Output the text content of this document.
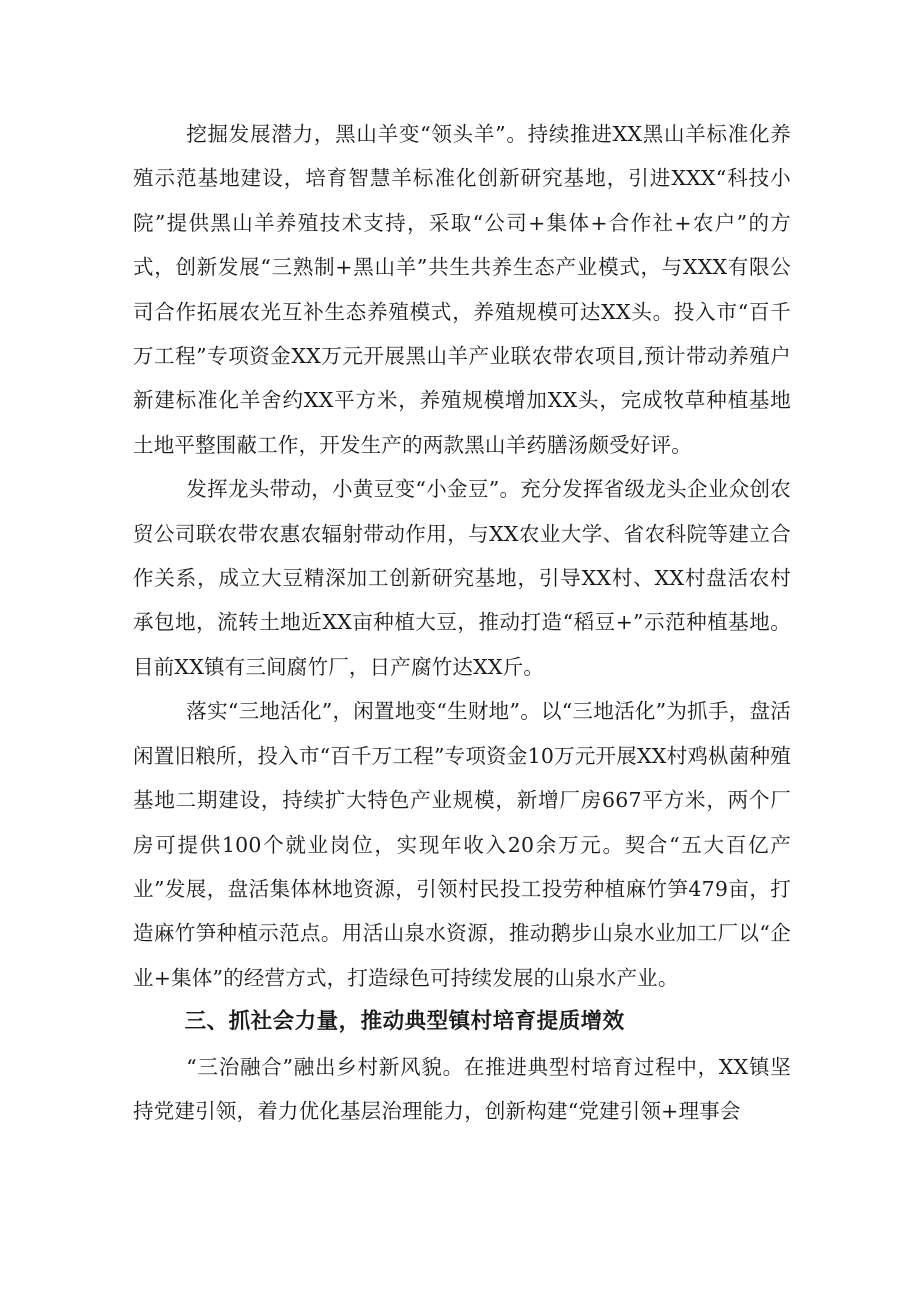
挖掘发展潜力，黑山羊变“领头羊”。持续推进XX黑山羊标准化养殖示范基地建设，培育智慧羊标准化创新研究基地，引进XXX“科技小院”提供黑山羊养殖技术支持，采取“公司+集体+合作社+农户”的方式，创新发展“三熟制+黑山羊”共生共养生态产业模式，与XXX有限公司合作拓展农光互补生态养殖模式，养殖规模可达XX头。投入市“百千万工程”专项资金XX万元开展黑山羊产业联农带农项目,预计带动养殖户新建标准化羊舍约XX平方米，养殖规模增加XX头，完成牧草种植基地土地平整围蔽工作，开发生产的两款黑山羊药膳汤颇受好评。

发挥龙头带动，小黄豆变“小金豆”。充分发挥省级龙头企业众创农贸公司联农带农惠农辐射带动作用，与XX农业大学、省农科院等建立合作关系，成立大豆精深加工创新研究基地，引导XX村、XX村盘活农村承包地，流转土地近XX亩种植大豆，推动打造“稻豆+”示范种植基地。目前XX镇有三间腐竹厂，日产腐竹达XX斤。

落实“三地活化”，闲置地变“生财地”。以“三地活化”为抓手，盘活闲置旧粮所，投入市“百千万工程”专项资金10万元开展XX村鸡枞菌种殖基地二期建设，持续扩大特色产业规模，新增厂房667平方米，两个厂房可提供100个就业岗位，实现年收入20余万元。契合“五大百亿产业”发展，盘活集体林地资源，引领村民投工投劳种植麻竹笋479亩，打造麻竹笋种植示范点。用活山泉水资源，推动鹅步山泉水业加工厂以“企业+集体”的经营方式，打造绿色可持续发展的山泉水产业。

三、抓社会力量，推动典型镇村培育提质增效

“三治融合”融出乡村新风貌。在推进典型村培育过程中，XX镇坚持党建引领，着力优化基层治理能力，创新构建“党建引领+理事会
